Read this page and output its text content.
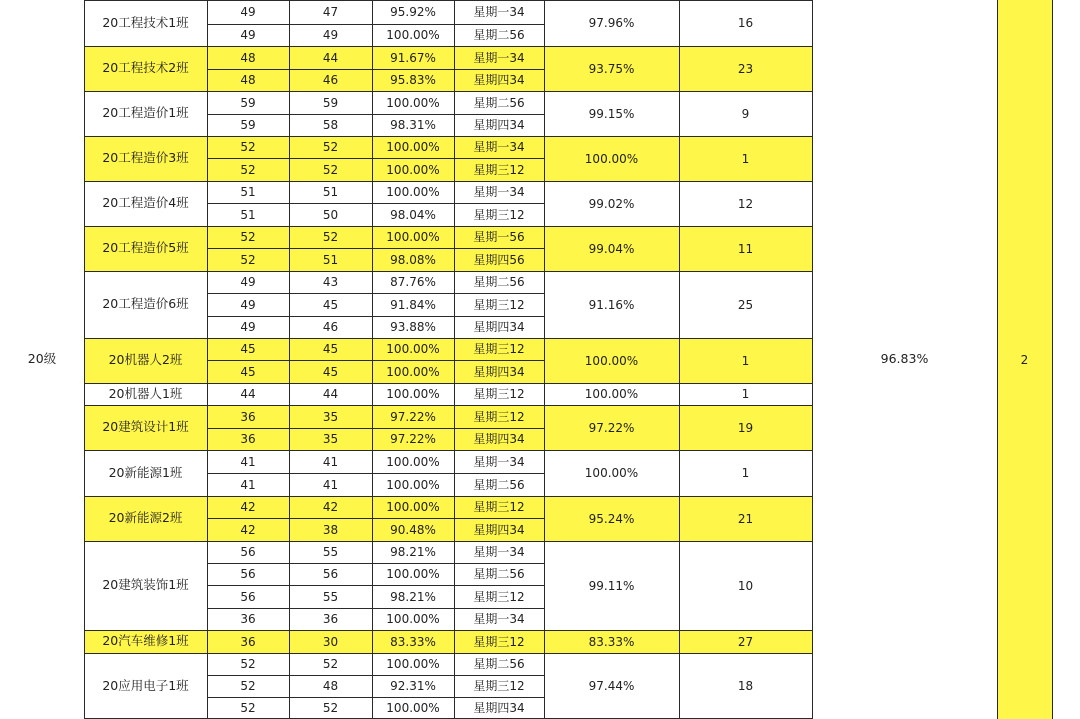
20级	96.83%	2
20工程技术1班
49	47	95.92%	星期一34
49	49	100.00%	星期二56
97.96%	16
20工程技术2班
48	44	91.67%	星期一34
48	46	95.83%	星期四34
93.75%	23
20工程造价1班
59	59	100.00%	星期二56
59	58	98.31%	星期四34
99.15%	9
20工程造价3班
52	52	100.00%	星期一34
52	52	100.00%	星期三12
100.00%	1
20工程造价4班
51	51	100.00%	星期一34
51	50	98.04%	星期三12
99.02%	12
20工程造价5班
52	52	100.00%	星期一56
52	51	98.08%	星期四56
99.04%	11
20工程造价6班
49	43	87.76%	星期二56
49	45	91.84%	星期三12
49	46	93.88%	星期四34
91.16%	25
20机器人2班
45	45	100.00%	星期三12
45	45	100.00%	星期四34
100.00%	1
20机器人1班	44	44	100.00%	星期三12	100.00%	1
20建筑设计1班
36	35	97.22%	星期三12
36	35	97.22%	星期四34
97.22%	19
20新能源1班
41	41	100.00%	星期一34
41	41	100.00%	星期二56
100.00%	1
20新能源2班
42	42	100.00%	星期三12
42	38	90.48%	星期四34
95.24%	21
20建筑装饰1班
56	55	98.21%	星期一34
56	56	100.00%	星期二56
56	55	98.21%	星期三12
36	36	100.00%	星期一34
99.11%	10
20汽车维修1班	36	30	83.33%	星期三12	83.33%	27
20应用电子1班
52	52	100.00%	星期二56
52	48	92.31%	星期三12
52	52	100.00%	星期四34
97.44%	18
